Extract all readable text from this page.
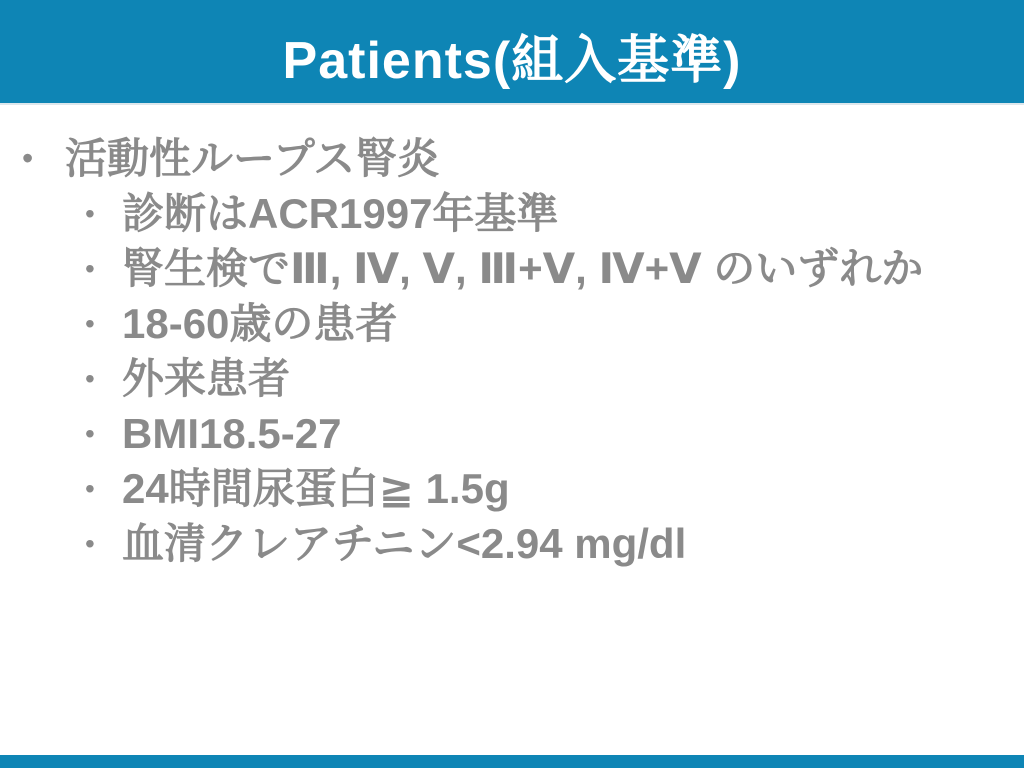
Patients(組入基準)
• 活動性ループス腎炎
• 診断はACR1997年基準
• 腎生検でⅢ, Ⅳ, Ⅴ, Ⅲ+Ⅴ, Ⅳ+Ⅴ のいずれか
• 18-60歳の患者
• 外来患者
• BMI18.5-27
• 24時間尿蛋白≧ 1.5g
• 血清クレアチニン<2.94 mg/dl
